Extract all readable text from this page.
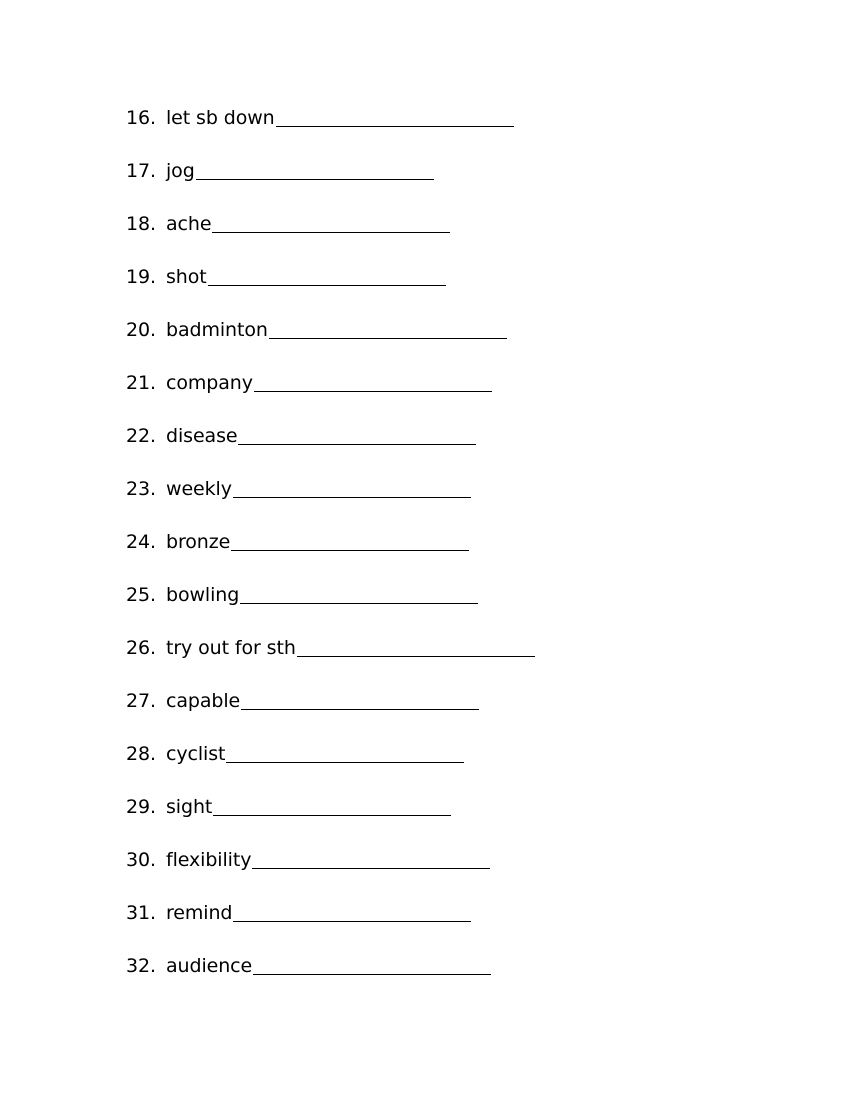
16. let sb down
17. jog
18. ache
19. shot
20. badminton
21. company
22. disease
23. weekly
24. bronze
25. bowling
26. try out for sth
27. capable
28. cyclist
29. sight
30. flexibility
31. remind
32. audience
